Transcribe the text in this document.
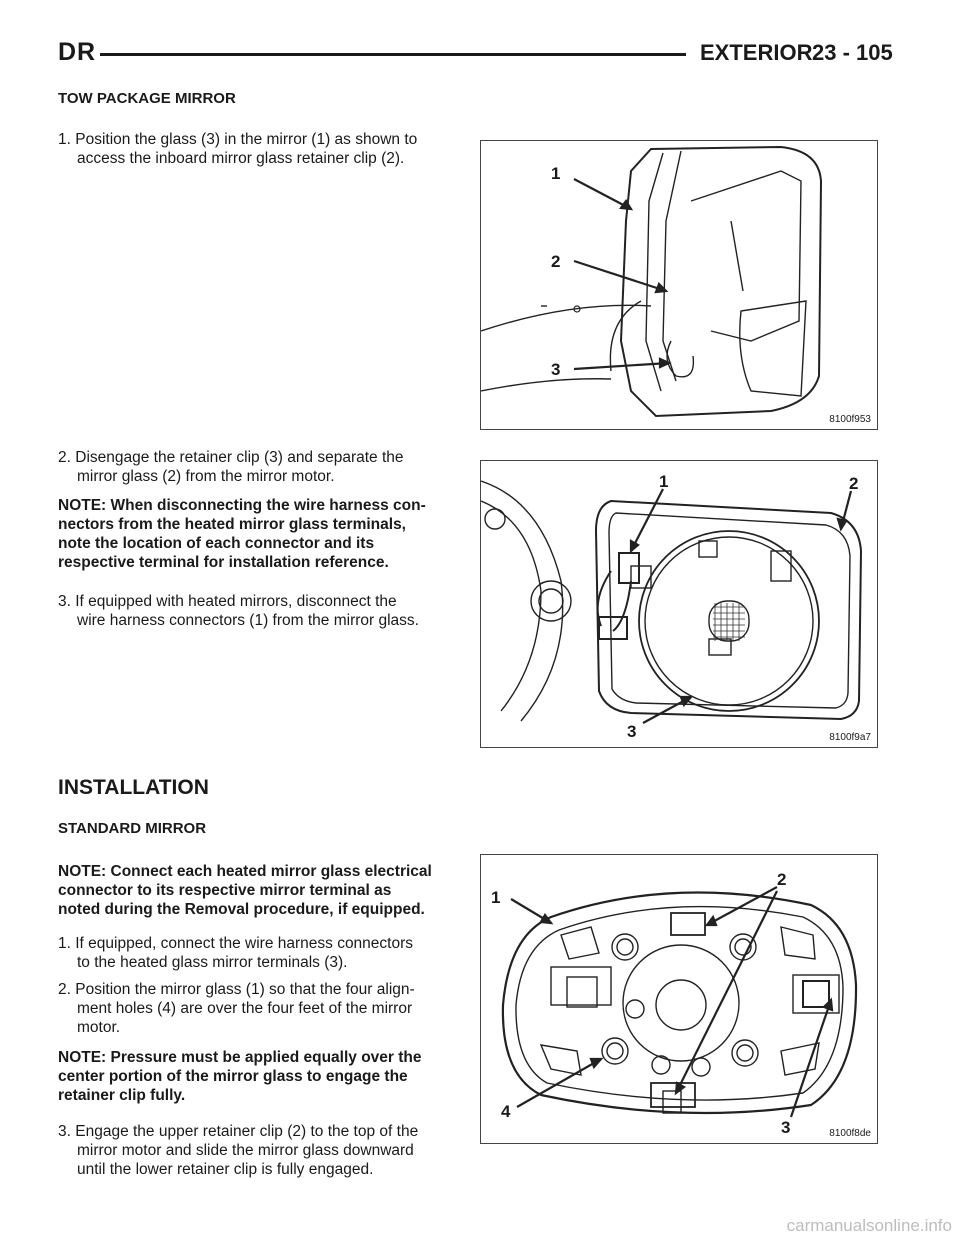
DR	EXTERIOR 23 - 105
TOW PACKAGE MIRROR
1. Position the glass (3) in the mirror (1) as shown to
access the inboard mirror glass retainer clip (2).
2. Disengage the retainer clip (3) and separate the
mirror glass (2) from the mirror motor.
NOTE: When disconnecting the wire harness con-
nectors from the heated mirror glass terminals,
note the location of each connector and its
respective terminal for installation reference.
3. If equipped with heated mirrors, disconnect the
wire harness connectors (1) from the mirror glass.
INSTALLATION
STANDARD MIRROR
NOTE: Connect each heated mirror glass electrical
connector to its respective mirror terminal as
noted during the Removal procedure, if equipped.
1. If equipped, connect the wire harness connectors
to the heated glass mirror terminals (3).
2. Position the mirror glass (1) so that the four align-
ment holes (4) are over the four feet of the mirror
motor.
NOTE: Pressure must be applied equally over the
center portion of the mirror glass to engage the
retainer clip fully.
3. Engage the upper retainer clip (2) to the top of the
mirror motor and slide the mirror glass downward
until the lower retainer clip is fully engaged.
1
2
3
8100f953
1	2
3	8100f9a7
1
2
3
4
8100f8de
carmanualsonline.info
